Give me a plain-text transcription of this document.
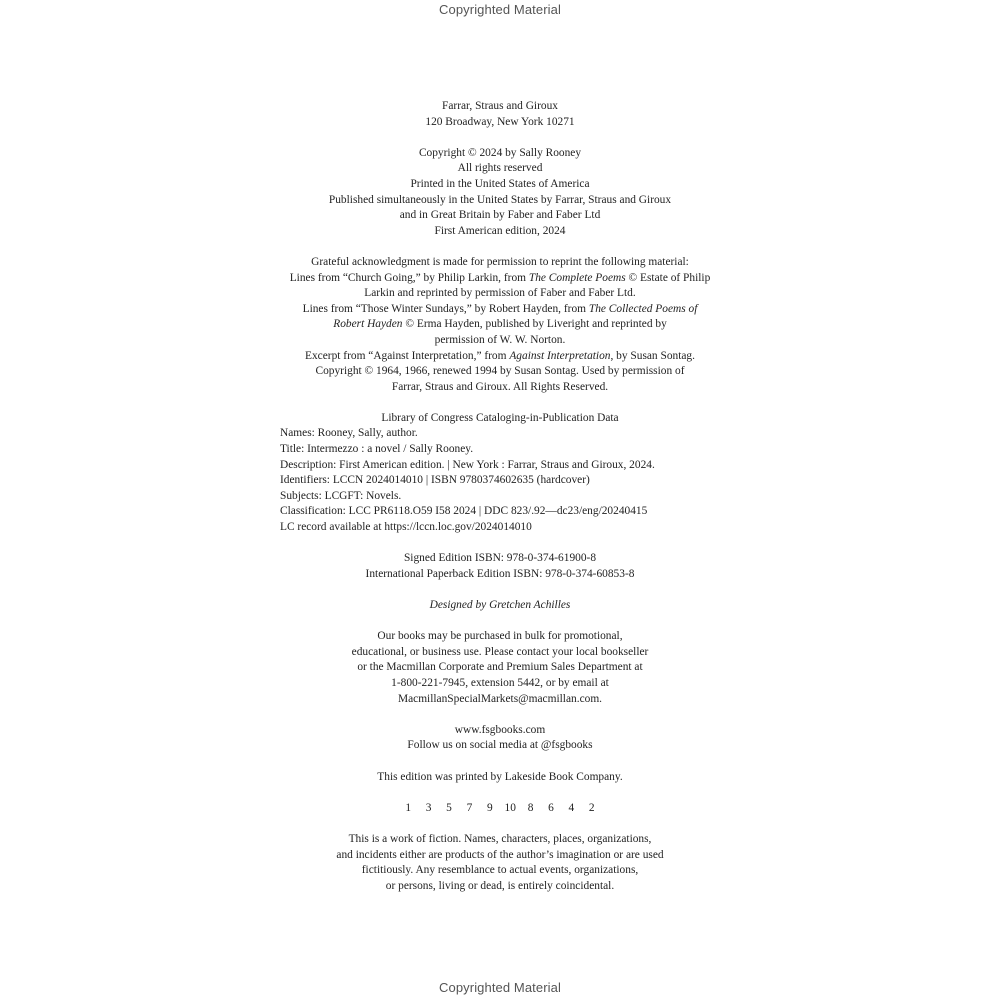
Copyrighted Material
Farrar, Straus and Giroux
120 Broadway, New York 10271
Copyright © 2024 by Sally Rooney
All rights reserved
Printed in the United States of America
Published simultaneously in the United States by Farrar, Straus and Giroux
and in Great Britain by Faber and Faber Ltd
First American edition, 2024
Grateful acknowledgment is made for permission to reprint the following material:
Lines from “Church Going,” by Philip Larkin, from The Complete Poems © Estate of Philip
Larkin and reprinted by permission of Faber and Faber Ltd.
Lines from “Those Winter Sundays,” by Robert Hayden, from The Collected Poems of
Robert Hayden © Erma Hayden, published by Liveright and reprinted by
permission of W. W. Norton.
Excerpt from “Against Interpretation,” from Against Interpretation, by Susan Sontag.
Copyright © 1964, 1966, renewed 1994 by Susan Sontag. Used by permission of
Farrar, Straus and Giroux. All Rights Reserved.
Library of Congress Cataloging-in-Publication Data
Names: Rooney, Sally, author.
Title: Intermezzo : a novel / Sally Rooney.
Description: First American edition. | New York : Farrar, Straus and Giroux, 2024.
Identifiers: LCCN 2024014010 | ISBN 9780374602635 (hardcover)
Subjects: LCGFT: Novels.
Classification: LCC PR6118.O59 I58 2024 | DDC 823/.92—dc23/eng/20240415
LC record available at https://lccn.loc.gov/2024014010
Signed Edition ISBN: 978-0-374-61900-8
International Paperback Edition ISBN: 978-0-374-60853-8
Designed by Gretchen Achilles
Our books may be purchased in bulk for promotional,
educational, or business use. Please contact your local bookseller
or the Macmillan Corporate and Premium Sales Department at
1-800-221-7945, extension 5442, or by email at
MacmillanSpecialMarkets@macmillan.com.
www.fsgbooks.com
Follow us on social media at @fsgbooks
This edition was printed by Lakeside Book Company.
1	3	5	7	9	10	8	6	4	2
This is a work of fiction. Names, characters, places, organizations,
and incidents either are products of the author’s imagination or are used
fictitiously. Any resemblance to actual events, organizations,
or persons, living or dead, is entirely coincidental.
Copyrighted Material
